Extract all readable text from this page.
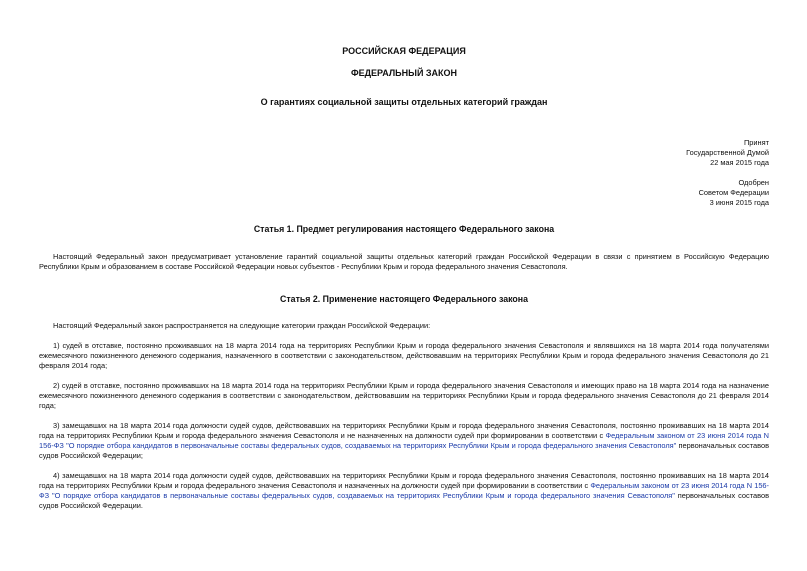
РОССИЙСКАЯ ФЕДЕРАЦИЯ

ФЕДЕРАЛЬНЫЙ ЗАКОН

О гарантиях социальной защиты отдельных категорий граждан

Принят
Государственной Думой
22 мая 2015 года
Одобрен
Советом Федерации
3 июня 2015 года

Статья 1. Предмет регулирования настоящего Федерального закона

Настоящий Федеральный закон предусматривает установление гарантий социальной защиты отдельных категорий граждан Российской Федерации в связи с принятием в Российскую Федерацию Республики Крым и образованием в составе Российской Федерации новых субъектов - Республики Крым и города федерального значения Севастополя.

Статья 2. Применение настоящего Федерального закона

Настоящий Федеральный закон распространяется на следующие категории граждан Российской Федерации:

1) судей в отставке, постоянно проживавших на 18 марта 2014 года на территориях Республики Крым и города федерального значения Севастополя и являвшихся на 18 марта 2014 года получателями ежемесячного пожизненного денежного содержания, назначенного в соответствии с законодательством, действовавшим на территориях Республики Крым и города федерального значения Севастополя до 21 февраля 2014 года;

2) судей в отставке, постоянно проживавших на 18 марта 2014 года на территориях Республики Крым и города федерального значения Севастополя и имеющих право на 18 марта 2014 года на назначение ежемесячного пожизненного денежного содержания в соответствии с законодательством, действовавшим на территориях Республики Крым и города федерального значения Севастополя до 21 февраля 2014 года;

3) замещавших на 18 марта 2014 года должности судей судов, действовавших на территориях Республики Крым и города федерального значения Севастополя, постоянно проживавших на 18 марта 2014 года на территориях Республики Крым и города федерального значения Севастополя и не назначенных на должности судей при формировании в соответствии с Федеральным законом от 23 июня 2014 года N 156-ФЗ "О порядке отбора кандидатов в первоначальные составы федеральных судов, создаваемых на территориях Республики Крым и города федерального значения Севастополя" первоначальных составов судов Российской Федерации;

4) замещавших на 18 марта 2014 года должности судей судов, действовавших на территориях Республики Крым и города федерального значения Севастополя, постоянно проживавших на 18 марта 2014 года на территориях Республики Крым и города федерального значения Севастополя и назначенных на должности судей при формировании в соответствии с Федеральным законом от 23 июня 2014 года N 156-ФЗ "О порядке отбора кандидатов в первоначальные составы федеральных судов, создаваемых на территориях Республики Крым и города федерального значения Севастополя" первоначальных составов судов Российской Федерации.
